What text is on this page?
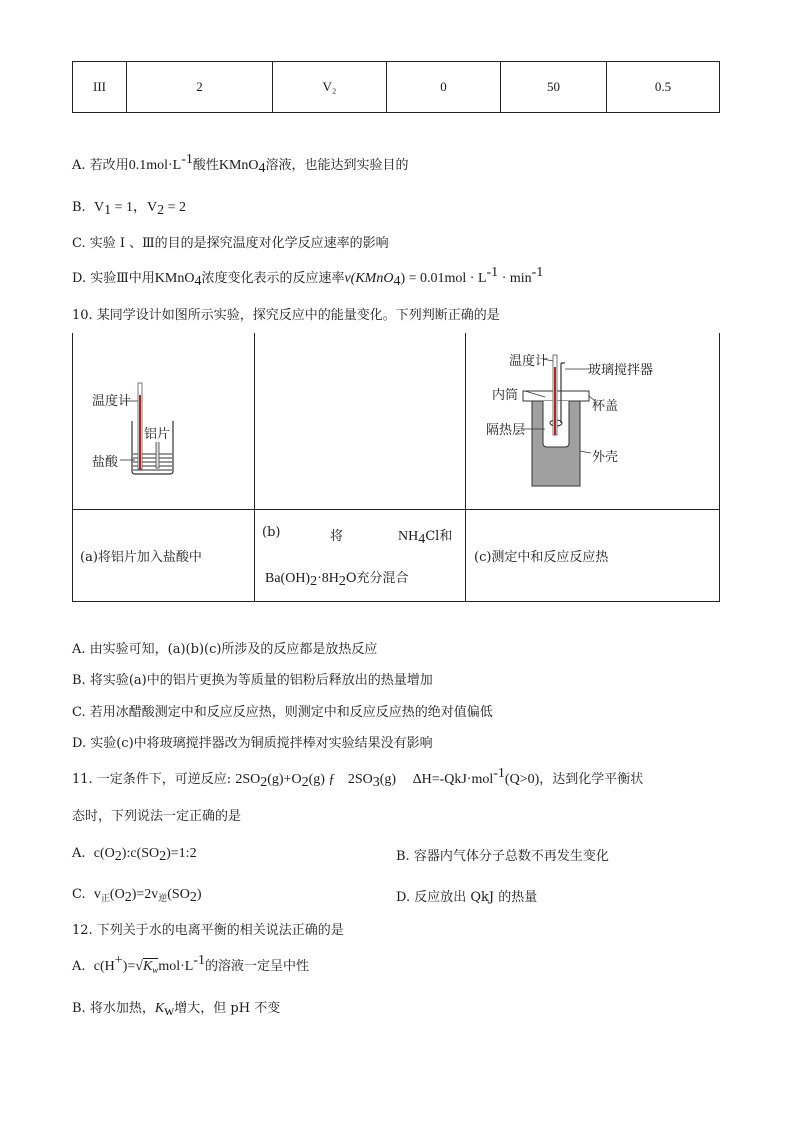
III	2	V₂	0	50	0.5
A. 若改用$0.1mol\cdot L^{-1}$酸性KMnO$_4$溶液，也能达到实验目的
B. $V_1 = 1$，$V_2 = 2$
C. 实验 Ⅰ 、Ⅲ的目的是探究温度对化学反应速率的影响
D. 实验Ⅲ中用KMnO$_4$浓度变化表示的反应速率v(KMnO$_4$) = $0.01mol \cdot L^{-1} \cdot \min^{-1}$
10. 某同学设计如图所示实验，探究反应中的能量变化。下列判断正确的是
温度计
铝片
盐酸
温度计
玻璃搅拌器
内筒
杯盖
隔热层
外壳
(a)将铝片加入盐酸中
(b)	将	$NH_4Cl$和
$Ba(OH)_2\cdot 8H_2O$充分混合
(c)测定中和反应反应热
A. 由实验可知，(a)(b)(c)所涉及的反应都是放热反应
B. 将实验(a)中的铝片更换为等质量的铝粉后释放出的热量增加
C. 若用冰醋酸测定中和反应反应热，则测定中和反应反应热的绝对值偏低
D. 实验(c)中将玻璃搅拌器改为铜质搅拌棒对实验结果没有影响
11. 一定条件下，可逆反应: $2SO_2(g)+O_2(g)$ ƒ $2SO_3(g)$ ΔH=-QkJ·mol$^{-1}$(Q>0)，达到化学平衡状
态时，下列说法一定正确的是
A. $c(O_2):c(SO_2)=1:2$	B. 容器内气体分子总数不再发生变化
C. $v_正(O_2)=2v_逆(SO_2)$	D. 反应放出 QkJ 的热量
12. 下列关于水的电离平衡的相关说法正确的是
A. $c(H^+)=√K_wmol\cdot L^{-1}$的溶液一定呈中性
B. 将水加热，$K_w$增大，但 pH 不变
